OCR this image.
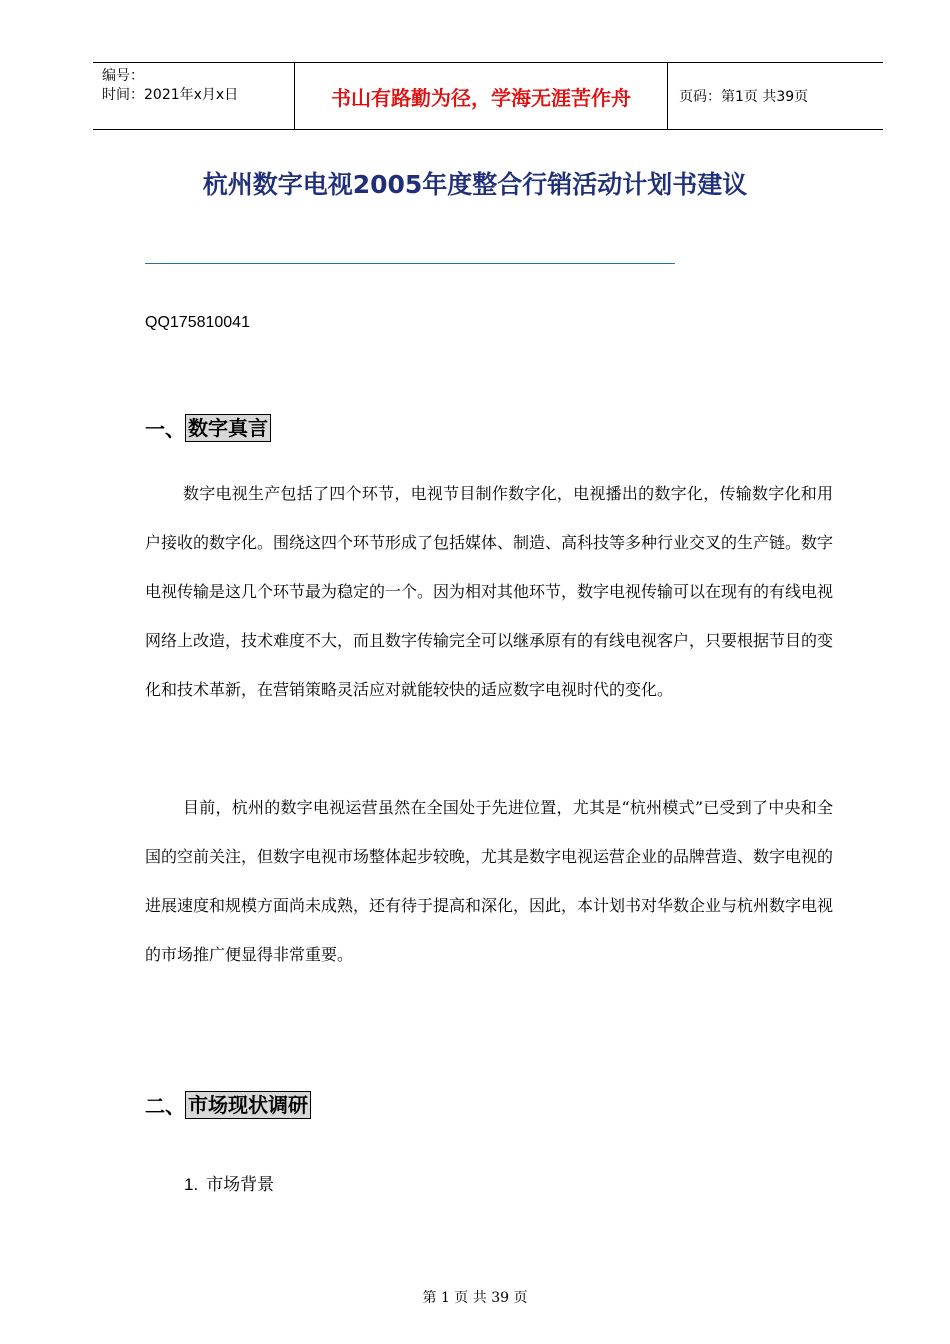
编号：
时间：2021年x月x日	书山有路勤为径，学海无涯苦作舟	页码：第1页 共39页
杭州数字电视2005年度整合行销活动计划书建议
QQ175810041
一、 数字真言

数字电视生产包括了四个环节，电视节目制作数字化，电视播出的数字化，传输数字化和用户接收的数字化。围绕这四个环节形成了包括媒体、制造、高科技等多种行业交叉的生产链。数字电视传输是这几个环节最为稳定的一个。因为相对其他环节，数字电视传输可以在现有的有线电视网络上改造，技术难度不大，而且数字传输完全可以继承原有的有线电视客户，只要根据节目的变化和技术革新，在营销策略灵活应对就能较快的适应数字电视时代的变化。

目前，杭州的数字电视运营虽然在全国处于先进位置，尤其是“杭州模式”已受到了中央和全国的空前关注，但数字电视市场整体起步较晚，尤其是数字电视运营企业的品牌营造、数字电视的进展速度和规模方面尚未成熟，还有待于提高和深化，因此，本计划书对华数企业与杭州数字电视的市场推广便显得非常重要。

二、 市场现状调研
1. 市场背景
第 1 页 共 39 页
